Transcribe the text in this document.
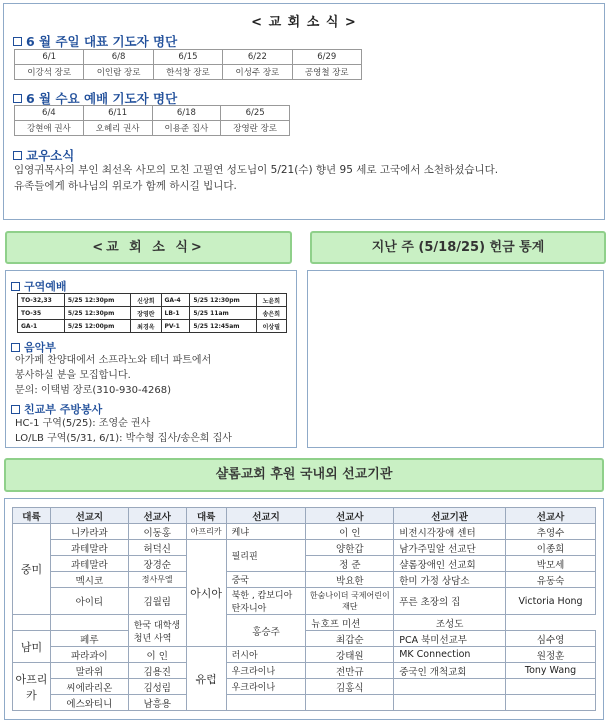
< 교 회 소 식 >
6 월 주일 대표 기도자 명단
6/1	6/8	6/15	6/22	6/29
이강석 장로	이인람 장로	한석창 장로	이성주 장로	공영철 장로
6 월 수요 예배 기도자 명단
6/4	6/11	6/18	6/25
강현애 권사	오혜리 권사	이용준 집사	장영란 장로
교우소식
임영귀목사의 부인 최선옥 사모의 모친 고필연 성도님이 5/21(수) 향년 95 세로 고국에서 소천하셨습니다.
유족들에게 하나님의 위로가 함께 하시길 빕니다.
<교 회 소 식>	지난 주 (5/18/25) 헌금 통계
구역예배
TO-32,33	5/25 12:30pm	신상희	GA-4	5/25 12:30pm	노윤희
TO-35	5/25 12:30pm	장영란	LB-1	5/25 11am	송은희
GA-1	5/25 12:00pm	최경옥	PV-1	5/25 12:45am	이상필
음악부
아가페 찬양대에서 소프라노와 테너 파트에서
봉사하실 분을 모집합니다.
문의: 이택범 장로(310-930-4268)
친교부 주방봉사
HC-1 구역(5/25): 조영순 권사
LO/LB 구역(5/31, 6/1): 박수형 집사/송은희 집사
샬롬교회 후원 국내외 선교기관
대륙	선교지	선교사	대륙	선교지	선교사	선교기관	선교사
중미	니카라과	이동홍	아프리카	케냐	이 인	비전시각장애 센터	추영수
	과테말라	허덕신	아시아	필리핀	양한갑	남가주밀알 선교단	이종희
	과테말라	장경순			정 준	샬롬장애인 선교회	박모세
	멕시코	정사무엘		중국	박요한	한미 가정 상담소	유동숙
	아이티	김월림		북한 , 캄보디아 탄자니아	한숨나이더 국제어린이 재단	푸른 초장의 집	Victoria Hong
		한국 대학생 청년 사역		홍승주	뉴호프 미션	조성도	
남미	페루				최갑순	PCA 북미선교부	심수영
	파라과이	이 인	유럽	러시아	강태원	MK Connection	원정훈
아프리카	말라위	김용진		우크라이나	전만규	중국인 개척교회	Tony Wang
	씨에라리온	김성림		우크라이나	김홍식		
	에스와티니	남흥용					
